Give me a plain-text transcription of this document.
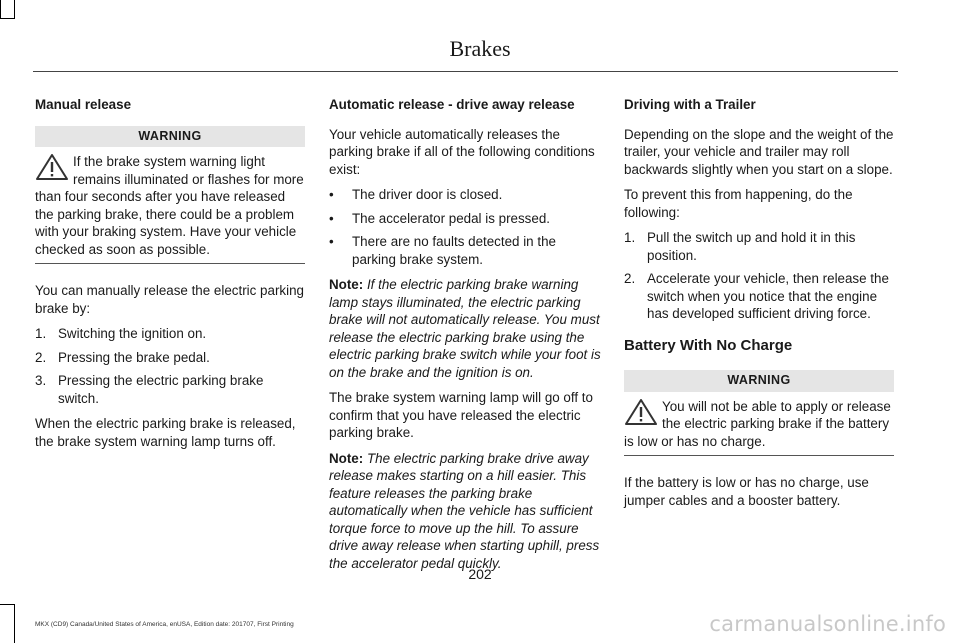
Brakes
Manual release
WARNING
If the brake system warning light remains illuminated or flashes for more than four seconds after you have released the parking brake, there could be a problem with your braking system. Have your vehicle checked as soon as possible.

You can manually release the electric parking brake by:

1. Switching the ignition on.
2. Pressing the brake pedal.
3. Pressing the electric parking brake switch.

When the electric parking brake is released, the brake system warning lamp turns off.

Automatic release - drive away release

Your vehicle automatically releases the parking brake if all of the following conditions exist:

• The driver door is closed.
• The accelerator pedal is pressed.
• There are no faults detected in the parking brake system.

Note: If the electric parking brake warning lamp stays illuminated, the electric parking brake will not automatically release. You must release the electric parking brake using the electric parking brake switch while your foot is on the brake and the ignition is on.

The brake system warning lamp will go off to confirm that you have released the electric parking brake.

Note: The electric parking brake drive away release makes starting on a hill easier. This feature releases the parking brake automatically when the vehicle has sufficient torque force to move up the hill. To assure drive away release when starting uphill, press the accelerator pedal quickly.

Driving with a Trailer

Depending on the slope and the weight of the trailer, your vehicle and trailer may roll backwards slightly when you start on a slope.

To prevent this from happening, do the following:

1. Pull the switch up and hold it in this position.
2. Accelerate your vehicle, then release the switch when you notice that the engine has developed sufficient driving force.
Battery With No Charge
WARNING
You will not be able to apply or release the electric parking brake if the battery is low or has no charge.

If the battery is low or has no charge, use jumper cables and a booster battery.

202
MKX (CD9) Canada/United States of America, enUSA, Edition date: 201707, First Printing	carmanualsonline.info
